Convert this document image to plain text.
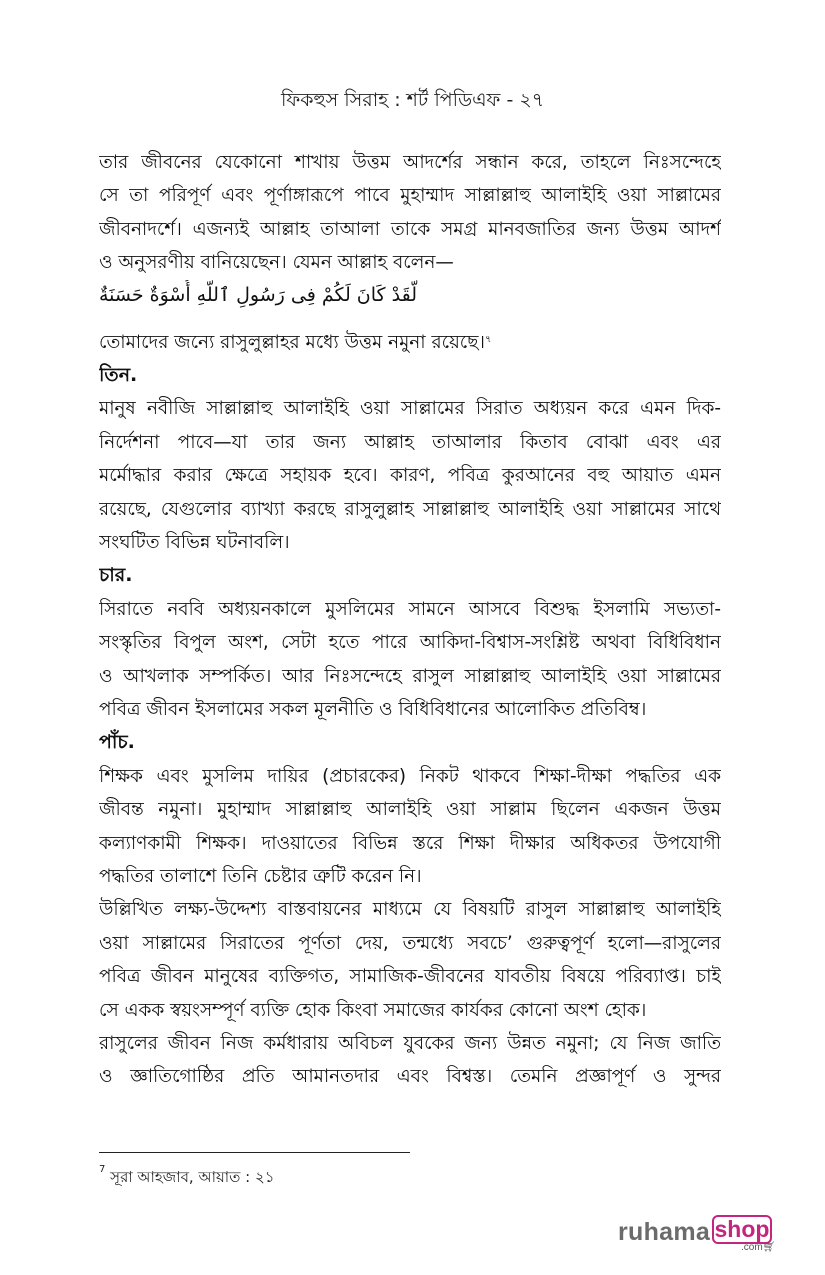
ফিকহুস সিরাহ : শর্ট পিডিএফ - ২৭
তার জীবনের যেকোনো শাখায় উত্তম আদর্শের সন্ধান করে, তাহলে নিঃসন্দেহে
সে তা পরিপূর্ণ এবং পূর্ণাঙ্গারূপে পাবে মুহাম্মাদ সাল্লাল্লাহু আলাইহি ওয়া সাল্লামের
জীবনাদর্শে। এজন্যই আল্লাহ তাআলা তাকে সমগ্র মানবজাতির জন্য উত্তম আদর্শ
ও অনুসরণীয় বানিয়েছেন। যেমন আল্লাহ বলেন—
لَّقَدْ كَانَ لَكُمْ فِى رَسُولِ ٱللَّهِ أُسْوَةٌ حَسَنَةٌ
তোমাদের জন্যে রাসুলুল্লাহর মধ্যে উত্তম নমুনা রয়েছে।$^৭$
তিন.
মানুষ নবীজি সাল্লাল্লাহু আলাইহি ওয়া সাল্লামের সিরাত অধ্যয়ন করে এমন দিক-
নির্দেশনা পাবে—যা তার জন্য আল্লাহ তাআলার কিতাব বোঝা এবং এর
মর্মোদ্ধার করার ক্ষেত্রে সহায়ক হবে। কারণ, পবিত্র কুরআনের বহু আয়াত এমন
রয়েছে, যেগুলোর ব্যাখ্যা করছে রাসুলুল্লাহ সাল্লাল্লাহু আলাইহি ওয়া সাল্লামের সাথে
সংঘটিত বিভিন্ন ঘটনাবলি।
চার.
সিরাতে নববি অধ্যয়নকালে মুসলিমের সামনে আসবে বিশুদ্ধ ইসলামি সভ্যতা-
সংস্কৃতির বিপুল অংশ, সেটা হতে পারে আকিদা-বিশ্বাস-সংশ্লিষ্ট অথবা বিধিবিধান
ও আখলাক সম্পর্কিত। আর নিঃসন্দেহে রাসুল সাল্লাল্লাহু আলাইহি ওয়া সাল্লামের
পবিত্র জীবন ইসলামের সকল মূলনীতি ও বিধিবিধানের আলোকিত প্রতিবিম্ব।
পাঁচ.
শিক্ষক এবং মুসলিম দায়ির (প্রচারকের) নিকট থাকবে শিক্ষা-দীক্ষা পদ্ধতির এক
জীবন্ত নমুনা। মুহাম্মাদ সাল্লাল্লাহু আলাইহি ওয়া সাল্লাম ছিলেন একজন উত্তম
কল্যাণকামী শিক্ষক। দাওয়াতের বিভিন্ন স্তরে শিক্ষা দীক্ষার অধিকতর উপযোগী
পদ্ধতির তালাশে তিনি চেষ্টার ত্রুটি করেন নি।
উল্লিখিত লক্ষ্য-উদ্দেশ্য বাস্তবায়নের মাধ্যমে যে বিষয়টি রাসুল সাল্লাল্লাহু আলাইহি
ওয়া সাল্লামের সিরাতের পূর্ণতা দেয়, তন্মধ্যে সবচে’ গুরুত্বপূর্ণ হলো—রাসুলের
পবিত্র জীবন মানুষের ব্যক্তিগত, সামাজিক-জীবনের যাবতীয় বিষয়ে পরিব্যাপ্ত। চাই
সে একক স্বয়ংসম্পূর্ণ ব্যক্তি হোক কিংবা সমাজের কার্যকর কোনো অংশ হোক।
রাসুলের জীবন নিজ কর্মধারায় অবিচল যুবকের জন্য উন্নত নমুনা; যে নিজ জাতি
ও জ্ঞাতিগোষ্ঠির প্রতি আমানতদার এবং বিশ্বস্ত। তেমনি প্রজ্ঞাপূর্ণ ও সুন্দর
$^7$ সূরা আহজাব, আয়াত : ২১
ruhama shop
.com🛒︎
